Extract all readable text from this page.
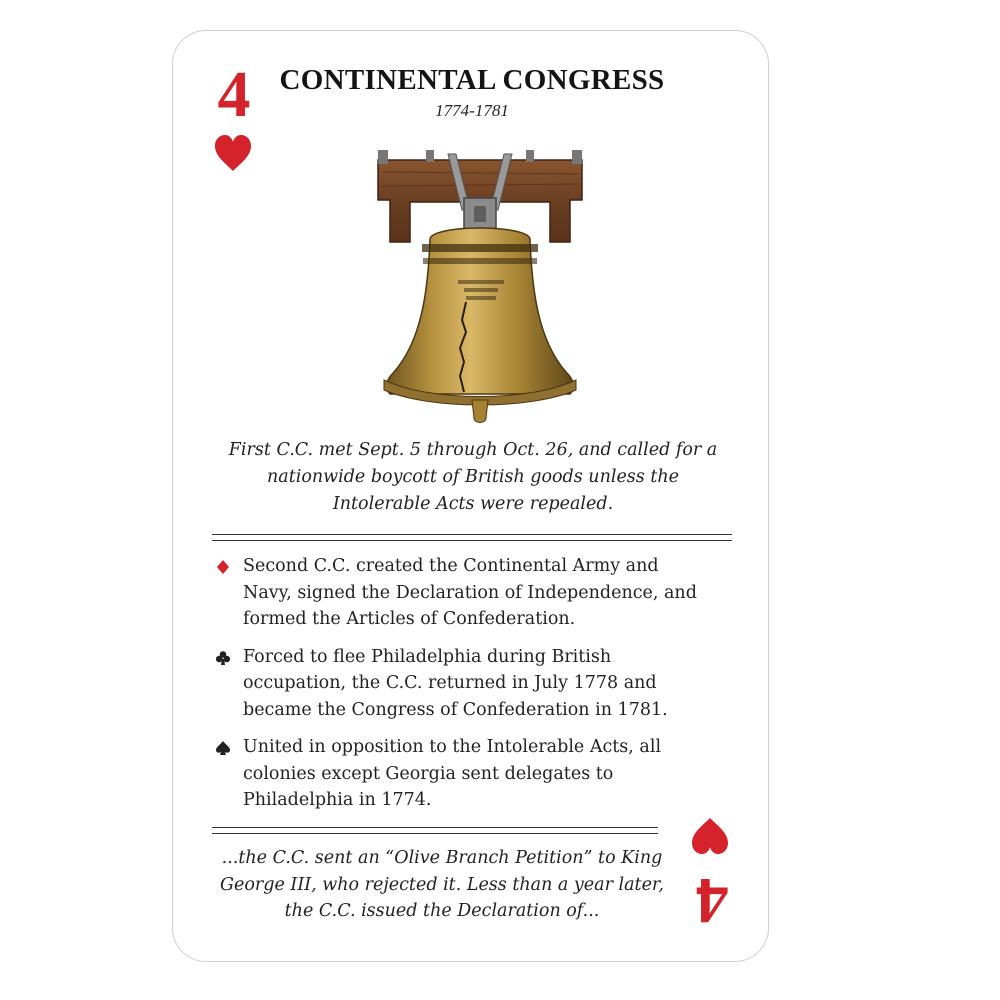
4	CONTINENTAL CONGRESS
1774-1781
First C.C. met Sept. 5 through Oct. 26, and called for a nationwide boycott of British goods unless the Intolerable Acts were repealed.
Second C.C. created the Continental Army and Navy, signed the Declaration of Independence, and formed the Articles of Confederation.
Forced to flee Philadelphia during British occupation, the C.C. returned in July 1778 and became the Congress of Confederation in 1781.
United in opposition to the Intolerable Acts, all colonies except Georgia sent delegates to Philadelphia in 1774.
...the C.C. sent an “Olive Branch Petition” to King George III, who rejected it. Less than a year later, the C.C. issued the Declaration of...	4
